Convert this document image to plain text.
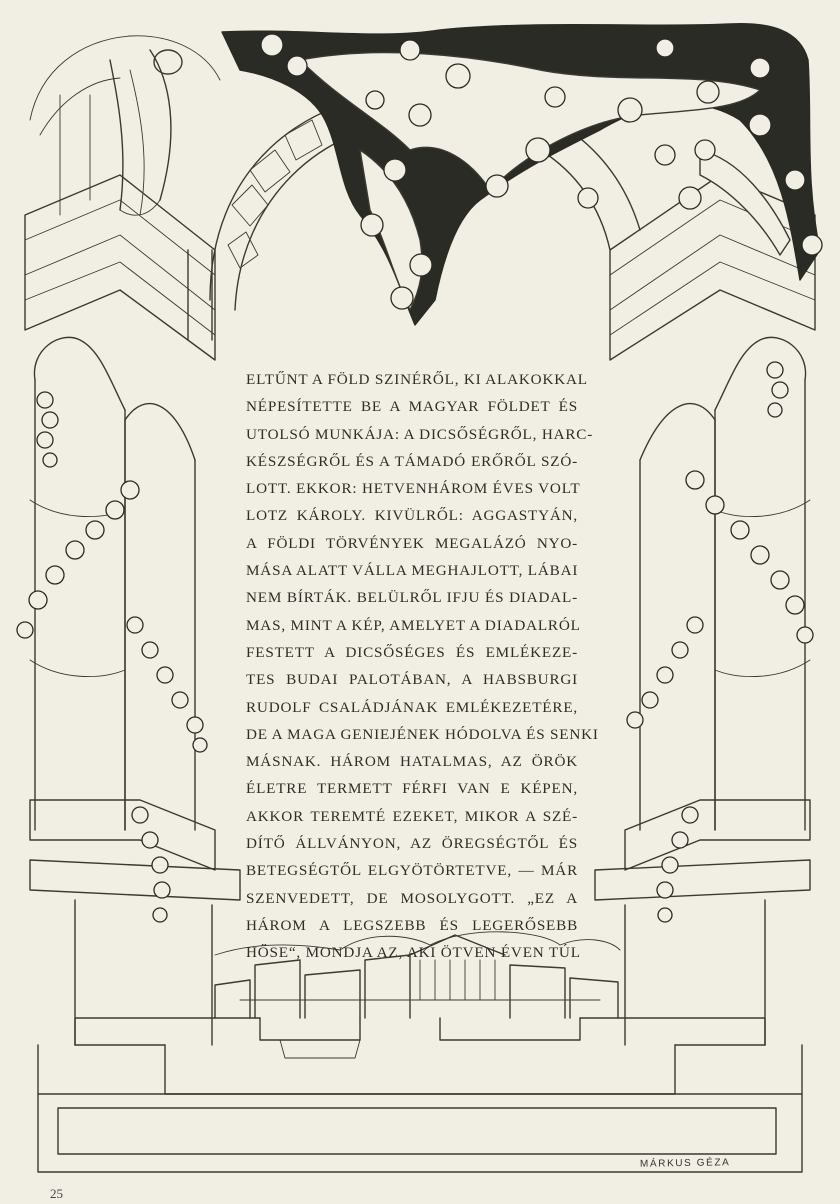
ELTŰNT A FÖLD SZINÉRŐL, KI ALAKOKKAL
NÉPESÍTETTE BE A MAGYAR FÖLDET ÉS
UTOLSÓ MUNKÁJA: A DICSŐSÉGRŐL, HARC-
KÉSZSÉGRŐL ÉS A TÁMADÓ ERŐRŐL SZÓ-
LOTT. EKKOR: HETVENHÁROM ÉVES VOLT
LOTZ KÁROLY. KIVÜLRŐL: AGGASTYÁN,
A FÖLDI TÖRVÉNYEK MEGALÁZÓ NYO-
MÁSA ALATT VÁLLA MEGHAJLOTT, LÁBAI
NEM BÍRTÁK. BELÜLRŐL IFJU ÉS DIADAL-
MAS, MINT A KÉP, AMELYET A DIADALRÓL
FESTETT A DICSŐSÉGES ÉS EMLÉKEZE-
TES BUDAI PALOTÁBAN, A HABSBURGI
RUDOLF CSALÁDJÁNAK EMLÉKEZETÉRE,
DE A MAGA GENIEJÉNEK HÓDOLVA ÉS SENKI
MÁSNAK. HÁROM HATALMAS, AZ ÖRÖK
ÉLETRE TERMETT FÉRFI VAN E KÉPEN,
AKKOR TEREMTÉ EZEKET, MIKOR A SZÉ-
DÍTŐ ÁLLVÁNYON, AZ ÖREGSÉGTŐL ÉS
BETEGSÉGTŐL ELGYÖTÖRTETVE, — MÁR
SZENVEDETT, DE MOSOLYGOTT. „EZ A
HÁROM A LEGSZEBB ÉS LEGERŐSEBB
HŐSE“, MONDJA AZ, AKI ÖTVEN ÉVEN TÚL
MÁRKUS GÉZA
25
